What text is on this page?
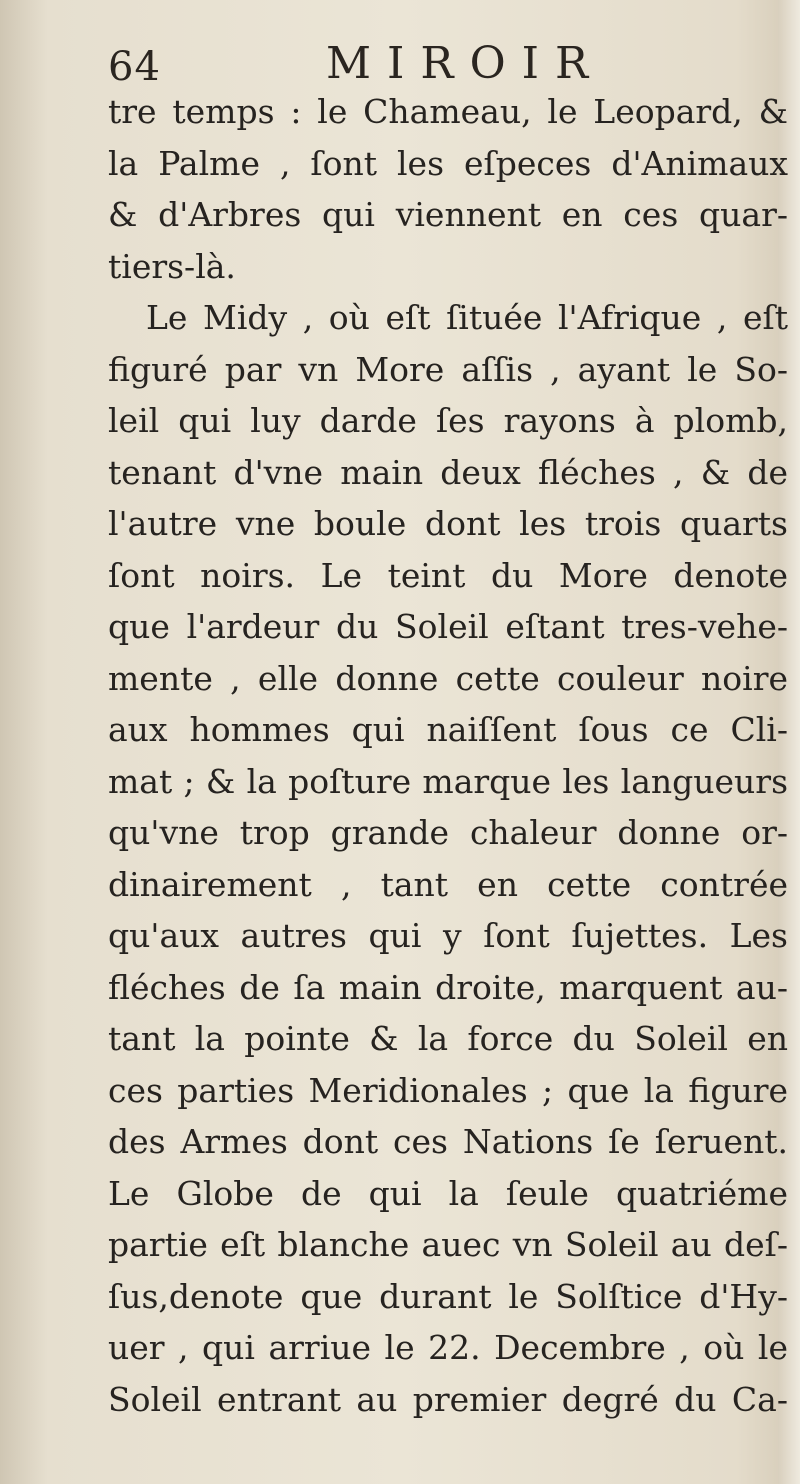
64	MIROIR
tre temps : le Chameau, le Leopard, &
la Palme , ſont les eſpeces d'Animaux
& d'Arbres qui viennent en ces quar-
tiers-là.
Le Midy , où eſt ſituée l'Afrique , eſt
figuré par vn More aſſis , ayant le So-
leil qui luy darde ſes rayons à plomb,
tenant d'vne main deux fléches , & de
l'autre vne boule dont les trois quarts
ſont noirs. Le teint du More denote
que l'ardeur du Soleil eſtant tres-vehe-
mente , elle donne cette couleur noire
aux hommes qui naiſſent ſous ce Cli-
mat ; & la poſture marque les langueurs
qu'vne trop grande chaleur donne or-
dinairement , tant en cette contrée
qu'aux autres qui y ſont ſujettes. Les
fléches de ſa main droite, marquent au-
tant la pointe & la force du Soleil en
ces parties Meridionales ; que la figure
des Armes dont ces Nations ſe ſeruent.
Le Globe de qui la ſeule quatriéme
partie eſt blanche auec vn Soleil au deſ-
ſus,denote que durant le Solſtice d'Hy-
uer , qui arriue le 22. Decembre , où le
Soleil entrant au premier degré du Ca-
